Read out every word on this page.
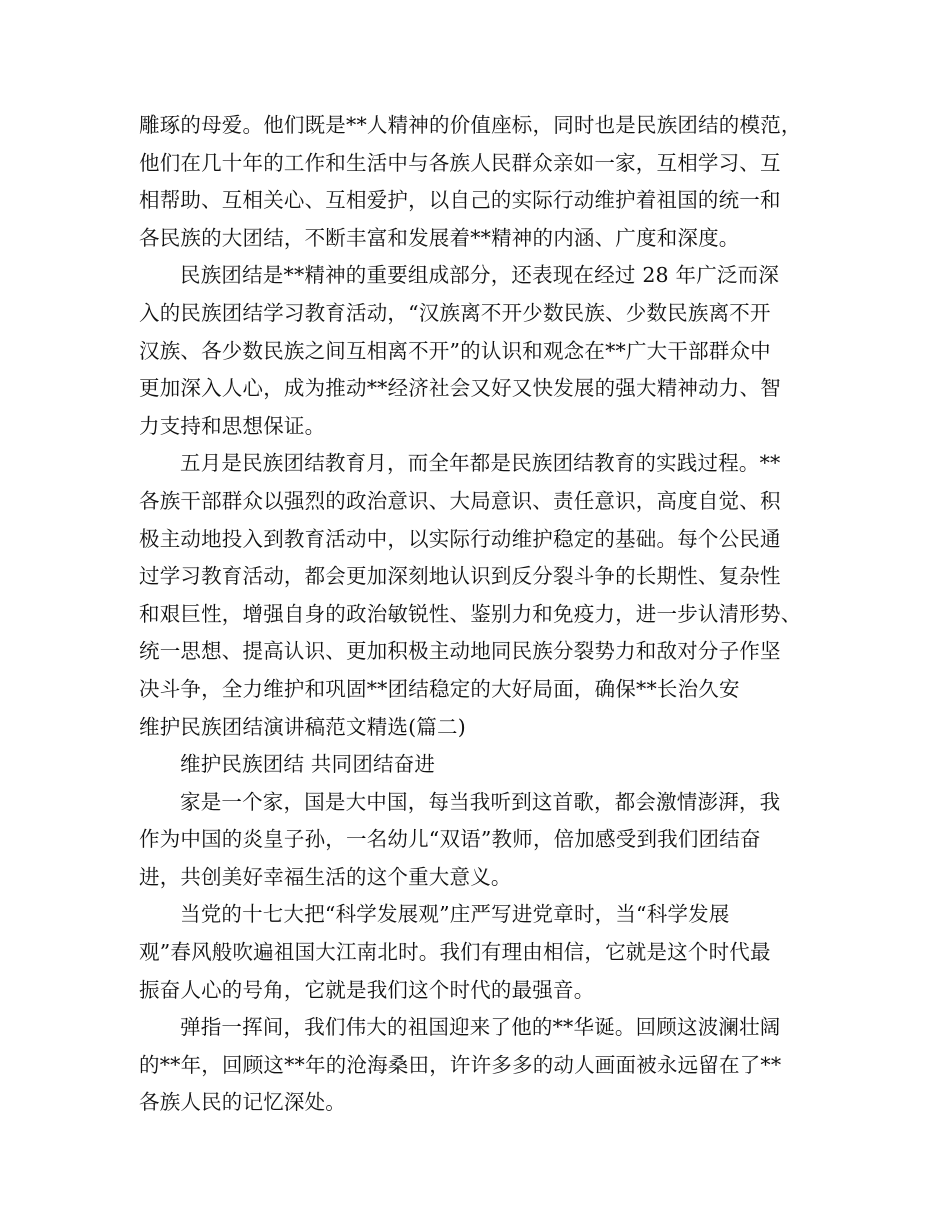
雕琢的母爱。他们既是**人精神的价值座标，同时也是民族团结的模范，
他们在几十年的工作和生活中与各族人民群众亲如一家，互相学习、互
相帮助、互相关心、互相爱护，以自己的实际行动维护着祖国的统一和
各民族的大团结，不断丰富和发展着**精神的内涵、广度和深度。
民族团结是**精神的重要组成部分，还表现在经过 28 年广泛而深
入的民族团结学习教育活动，“汉族离不开少数民族、少数民族离不开
汉族、各少数民族之间互相离不开”的认识和观念在**广大干部群众中
更加深入人心，成为推动**经济社会又好又快发展的强大精神动力、智
力支持和思想保证。
五月是民族团结教育月，而全年都是民族团结教育的实践过程。**
各族干部群众以强烈的政治意识、大局意识、责任意识，高度自觉、积
极主动地投入到教育活动中，以实际行动维护稳定的基础。每个公民通
过学习教育活动，都会更加深刻地认识到反分裂斗争的长期性、复杂性
和艰巨性，增强自身的政治敏锐性、鉴别力和免疫力，进一步认清形势、
统一思想、提高认识、更加积极主动地同民族分裂势力和敌对分子作坚
决斗争，全力维护和巩固**团结稳定的大好局面，确保**长治久安
维护民族团结演讲稿范文精选(篇二)
维护民族团结 共同团结奋进
家是一个家，国是大中国，每当我听到这首歌，都会激情澎湃，我
作为中国的炎皇子孙，一名幼儿“双语”教师，倍加感受到我们团结奋
进，共创美好幸福生活的这个重大意义。
当党的十七大把“科学发展观”庄严写进党章时，当“科学发展
观”春风般吹遍祖国大江南北时。我们有理由相信，它就是这个时代最
振奋人心的号角，它就是我们这个时代的最强音。
弹指一挥间，我们伟大的祖国迎来了他的**华诞。回顾这波澜壮阔
的**年，回顾这**年的沧海桑田，许许多多的动人画面被永远留在了**
各族人民的记忆深处。
